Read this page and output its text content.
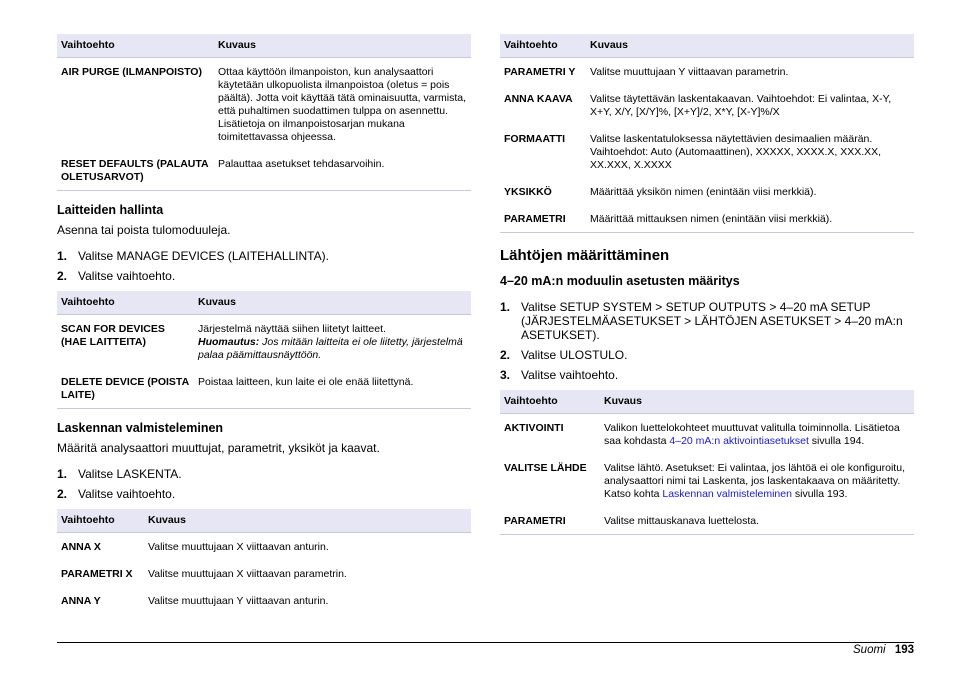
Vaihtoehto	Kuvaus
AIR PURGE (ILMANPOISTO)	Ottaa käyttöön ilmanpoiston, kun analysaattori käytetään ulkopuolista ilmanpoistoa (oletus = pois päältä). Jotta voit käyttää tätä ominaisuutta, varmista, että puhaltimen suodattimen tulppa on asennettu. Lisätietoja on ilmanpoistosarjan mukana toimitettavassa ohjeessa.
RESET DEFAULTS (PALAUTA OLETUSARVOT)	Palauttaa asetukset tehdasarvoihin.
Laitteiden hallinta

Asenna tai poista tulomoduuleja.

1. Valitse MANAGE DEVICES (LAITEHALLINTA).
2. Valitse vaihtoehto.
Vaihtoehto	Kuvaus
SCAN FOR DEVICES (HAE LAITTEITA)	Järjestelmä näyttää siihen liitetyt laitteet.
Huomautus: Jos mitään laitteita ei ole liitetty, järjestelmä palaa päämittausnäyttöön.
DELETE DEVICE (POISTA LAITE)	Poistaa laitteen, kun laite ei ole enää liitettynä.
Laskennan valmisteleminen

Määritä analysaattori muuttujat, parametrit, yksiköt ja kaavat.

1. Valitse LASKENTA.
2. Valitse vaihtoehto.
Vaihtoehto	Kuvaus
ANNA X	Valitse muuttujaan X viittaavan anturin.
PARAMETRI X	Valitse muuttujaan X viittaavan parametrin.
ANNA Y	Valitse muuttujaan Y viittaavan anturin.
Vaihtoehto	Kuvaus
PARAMETRI Y	Valitse muuttujaan Y viittaavan parametrin.
ANNA KAAVA	Valitse täytettävän laskentakaavan. Vaihtoehdot: Ei valintaa, X-Y, X+Y, X/Y, [X/Y]%, [X+Y]/2, X*Y, [X-Y]%/X
FORMAATTI	Valitse laskentatuloksessa näytettävien desimaalien määrän. Vaihtoehdot: Auto (Automaattinen), XXXXX, XXXX.X, XXX.XX, XX.XXX, X.XXXX
YKSIKKÖ	Määrittää yksikön nimen (enintään viisi merkkiä).
PARAMETRI	Määrittää mittauksen nimen (enintään viisi merkkiä).
Lähtöjen määrittäminen
4–20 mA:n moduulin asetusten määritys
1. Valitse SETUP SYSTEM > SETUP OUTPUTS > 4–20 mA SETUP (JÄRJESTELMÄASETUKSET > LÄHTÖJEN ASETUKSET > 4–20 mA:n ASETUKSET).
2. Valitse ULOSTULO.
3. Valitse vaihtoehto.
Vaihtoehto	Kuvaus
AKTIVOINTI	Valikon luettelokohteet muuttuvat valitulla toiminnolla. Lisätietoa saa kohdasta 4–20 mA:n aktivointiasetukset sivulla 194.
VALITSE LÄHDE	Valitse lähtö. Asetukset: Ei valintaa, jos lähtöä ei ole konfiguroitu, analysaattori nimi tai Laskenta, jos laskentakaava on määritetty. Katso kohta Laskennan valmisteleminen sivulla 193.
PARAMETRI	Valitse mittauskanava luettelosta.
Suomi 193
